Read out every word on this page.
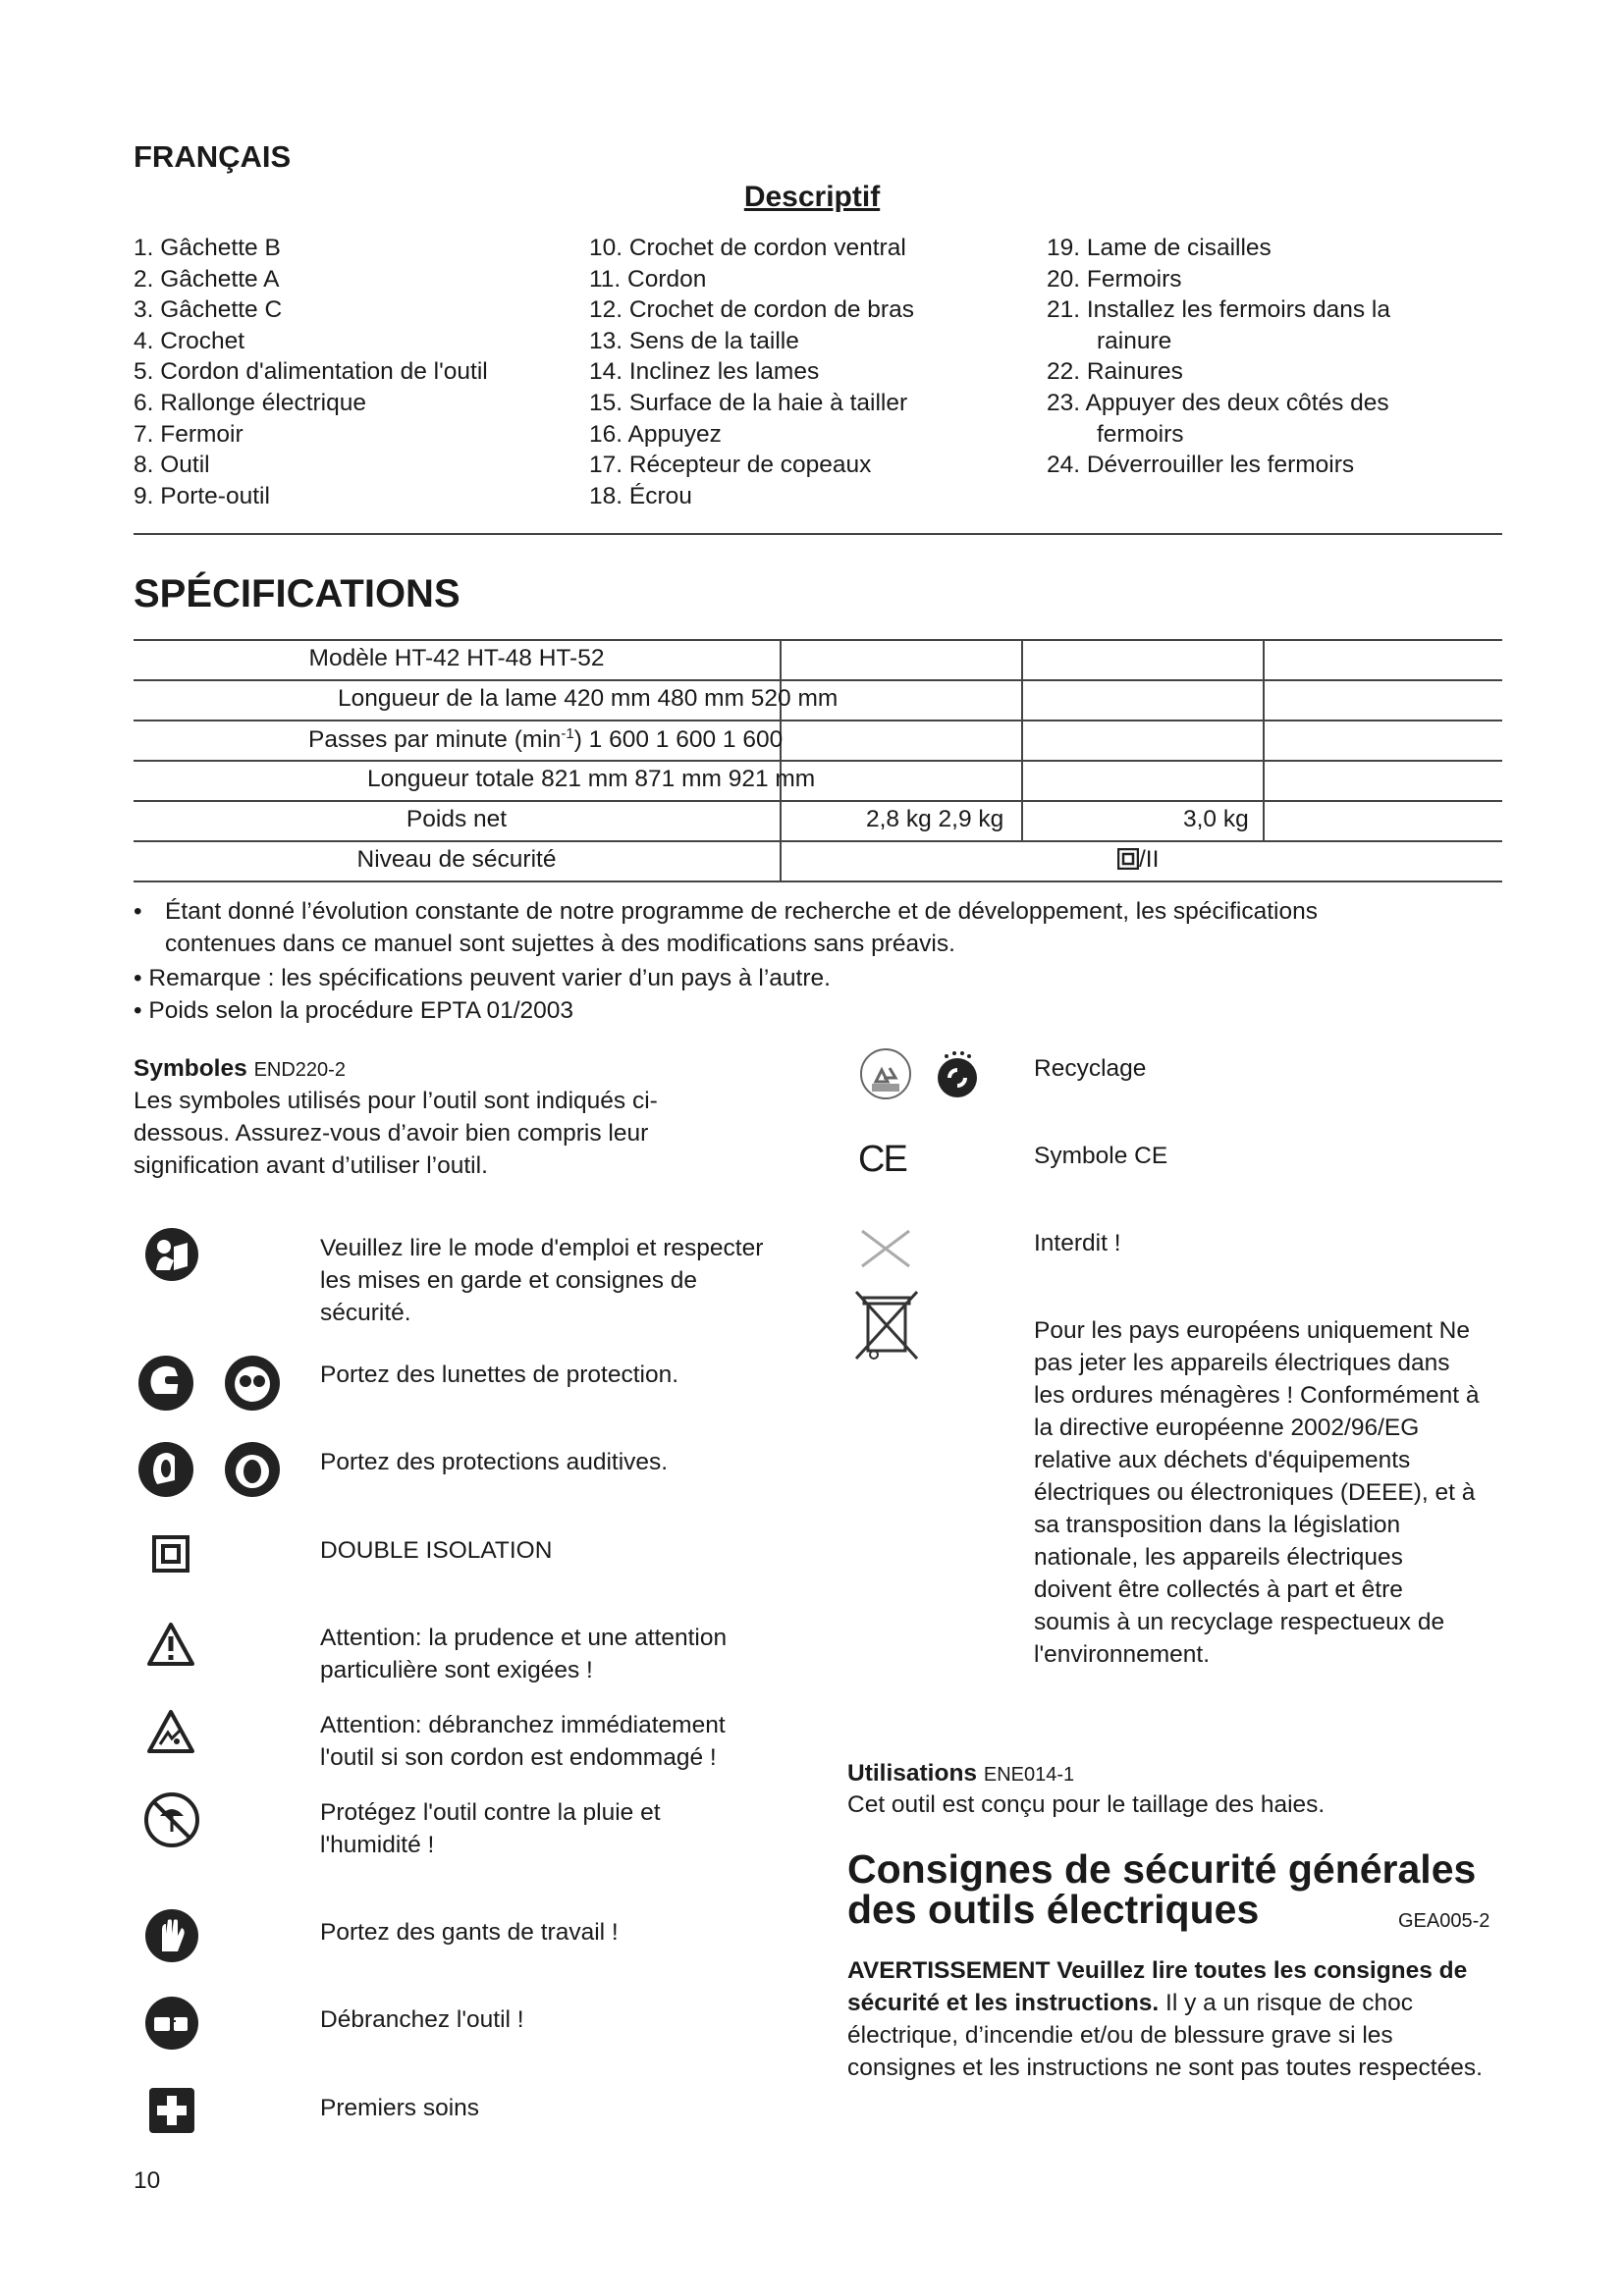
FRANÇAIS
Descriptif
1. Gâchette B
2. Gâchette A
3. Gâchette C
4. Crochet
5. Cordon d'alimentation de l'outil
6. Rallonge électrique
7. Fermoir
8. Outil
9. Porte-outil
10. Crochet de cordon ventral
11. Cordon
12. Crochet de cordon de bras
13. Sens de la taille
14. Inclinez les lames
15. Surface de la haie à tailler
16. Appuyez
17. Récepteur de copeaux
18. Écrou
19. Lame de cisailles
20. Fermoirs
21. Installez les fermoirs dans la
rainure
22. Rainures
23. Appuyer des deux côtés des
fermoirs
24. Déverrouiller les fermoirs
SPÉCIFICATIONS
Modèle HT-42 HT-48 HT-52
Longueur de la lame 420 mm 480 mm 520 mm
Passes par minute $(\min^{-1})$ 1 600 1 600 1 600
Longueur totale 821 mm 871 mm 921 mm
Poids net	2,8 kg 2,9 kg	3,0 kg
Niveau de sécurité	/II
• Étant donné l’évolution constante de notre programme de recherche et de développement, les spécifications
contenues dans ce manuel sont sujettes à des modifications sans préavis.
• Remarque : les spécifications peuvent varier d’un pays à l’autre.
• Poids selon la procédure EPTA 01/2003
Symboles END220-2
Les symboles utilisés pour l’outil sont indiqués ci-dessous. Assurez-vous d’avoir bien compris leur signification avant d’utiliser l’outil.
Veuillez lire le mode d'emploi et respecter les mises en garde et consignes de sécurité.
Portez des lunettes de protection.
Portez des protections auditives.
DOUBLE ISOLATION
Attention: la prudence et une attention particulière sont exigées !
Attention: débranchez immédiatement l'outil si son cordon est endommagé !
Protégez l'outil contre la pluie et l'humidité !
Portez des gants de travail !
Débranchez l'outil !
Premiers soins
CE
Recyclage
Symbole CE
Interdit !
Pour les pays européens uniquement Ne pas jeter les appareils électriques dans les ordures ménagères ! Conformément à la directive européenne 2002/96/EG relative aux déchets d'équipements électriques ou électroniques (DEEE), et à sa transposition dans la législation nationale, les appareils électriques doivent être collectés à part et être soumis à un recyclage respectueux de l'environnement.
Utilisations ENE014-1
Cet outil est conçu pour le taillage des haies.
Consignes de sécurité générales
des outils électriques	GEA005-2
AVERTISSEMENT Veuillez lire toutes les consignes de sécurité et les instructions. Il y a un risque de choc électrique, d’incendie et/ou de blessure grave si les consignes et les instructions ne sont pas toutes respectées.
10
